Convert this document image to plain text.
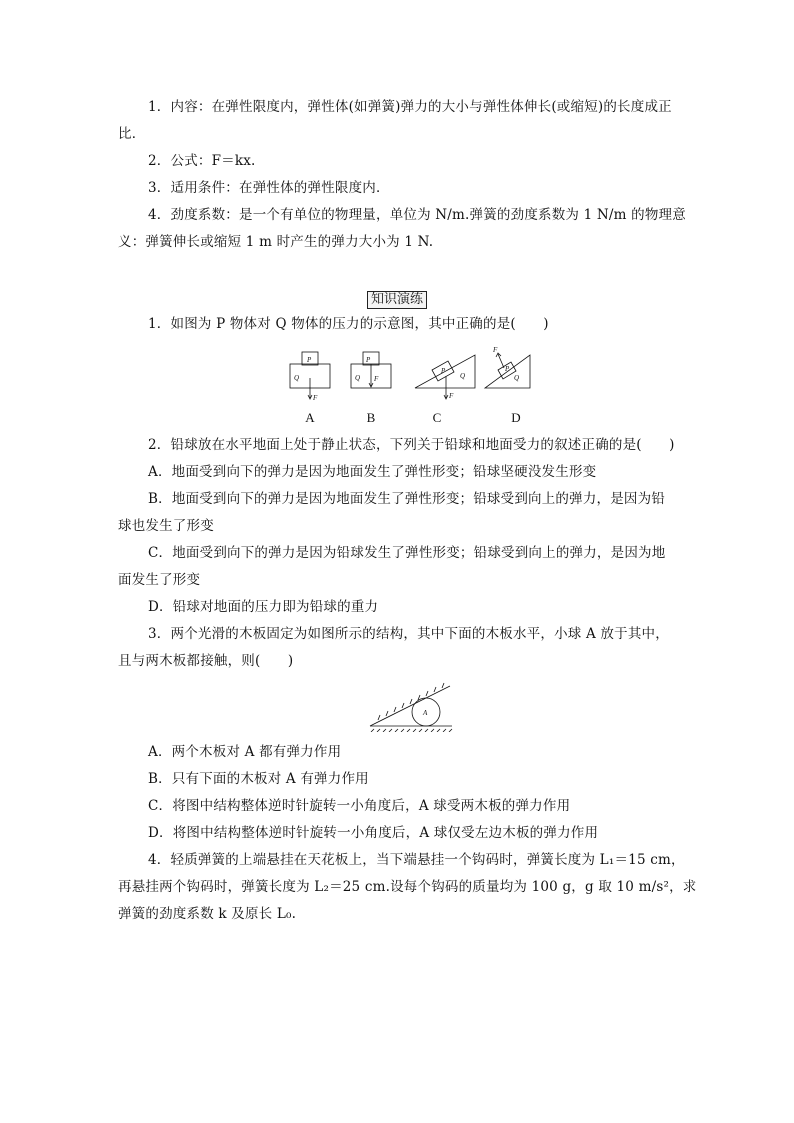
1．内容：在弹性限度内，弹性体(如弹簧)弹力的大小与弹性体伸长(或缩短)的长度成正
比．
2．公式：F＝kx.
3．适用条件：在弹性体的弹性限度内．
4．劲度系数：是一个有单位的物理量，单位为 N/m.弹簧的劲度系数为 1 N/m 的物理意
义：弹簧伸长或缩短 1 m 时产生的弹力大小为 1 N.
知识演练
1．如图为 P 物体对 Q 物体的压力的示意图，其中正确的是(　　)
P
Q
F
P
Q F
P
Q
F
P
Q
F
A	B	C	D
2．铅球放在水平地面上处于静止状态，下列关于铅球和地面受力的叙述正确的是(　　)
A．地面受到向下的弹力是因为地面发生了弹性形变；铅球坚硬没发生形变
B．地面受到向下的弹力是因为地面发生了弹性形变；铅球受到向上的弹力，是因为铅
球也发生了形变
C．地面受到向下的弹力是因为铅球发生了弹性形变；铅球受到向上的弹力，是因为地
面发生了形变
D．铅球对地面的压力即为铅球的重力
3．两个光滑的木板固定为如图所示的结构，其中下面的木板水平，小球 A 放于其中，
且与两木板都接触，则(　　)
A
A．两个木板对 A 都有弹力作用
B．只有下面的木板对 A 有弹力作用
C．将图中结构整体逆时针旋转一小角度后，A 球受两木板的弹力作用
D．将图中结构整体逆时针旋转一小角度后，A 球仅受左边木板的弹力作用
4．轻质弹簧的上端悬挂在天花板上，当下端悬挂一个钩码时，弹簧长度为 L₁＝15 cm，
再悬挂两个钩码时，弹簧长度为 L₂＝25 cm.设每个钩码的质量均为 100 g，g 取 10 m/s²，求
弹簧的劲度系数 k 及原长 L₀.
